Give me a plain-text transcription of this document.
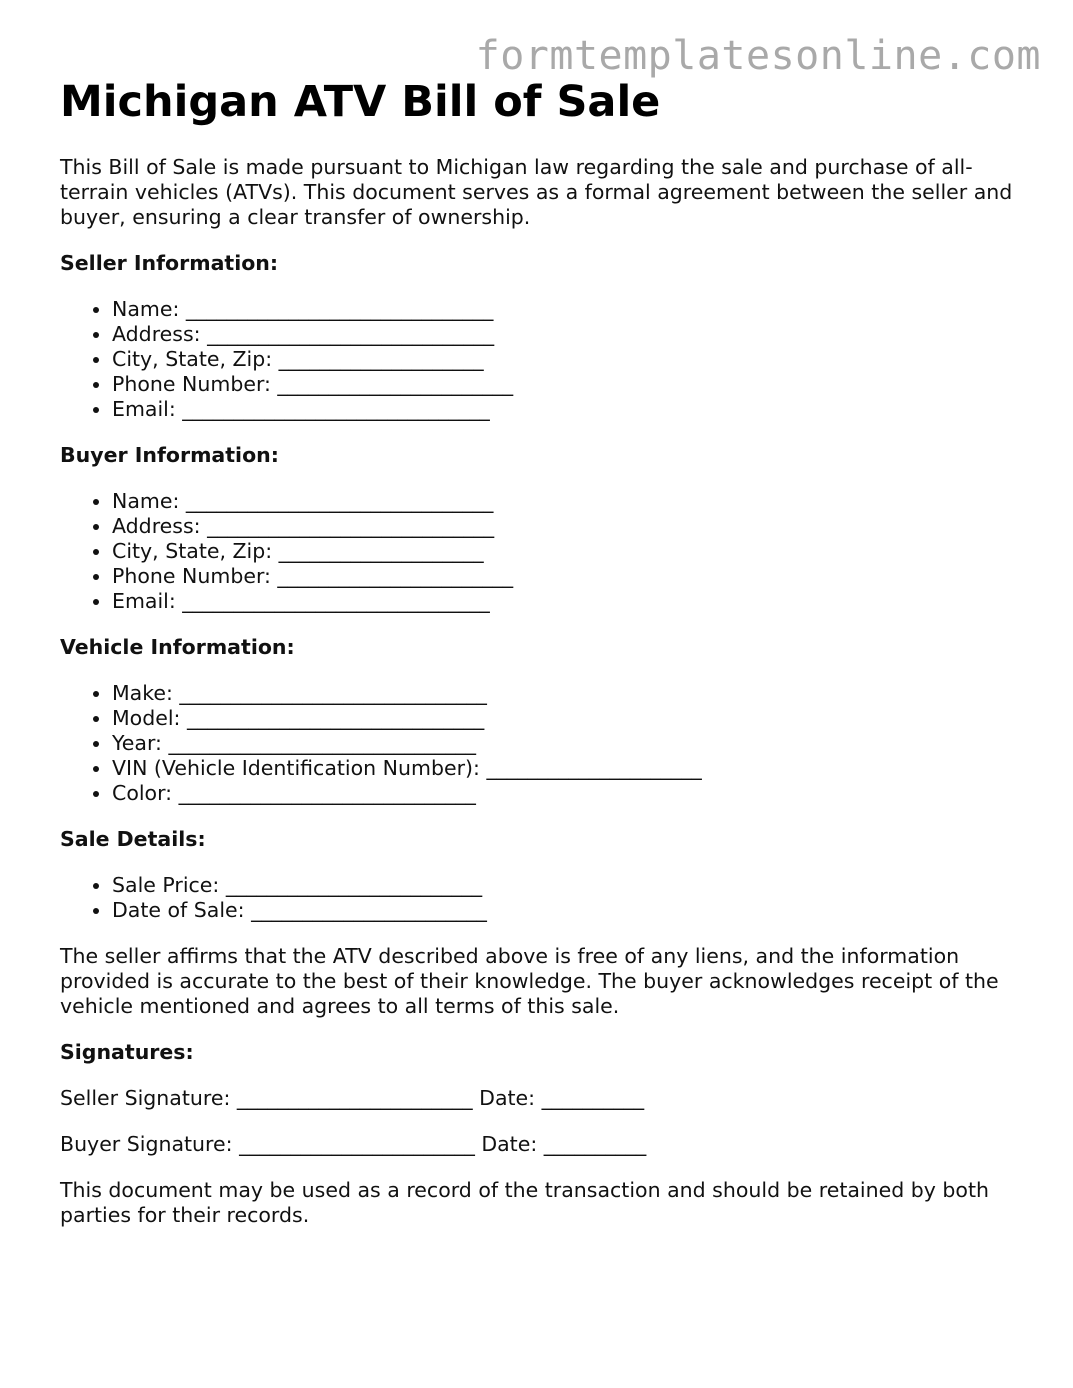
formtemplatesonline.com
Michigan ATV Bill of Sale

This Bill of Sale is made pursuant to Michigan law regarding the sale and purchase of all-terrain vehicles (ATVs). This document serves as a formal agreement between the seller and buyer, ensuring a clear transfer of ownership.

Seller Information:
• Name: ______________________________
• Address: ____________________________
• City, State, Zip: ____________________
• Phone Number: _______________________
• Email: ______________________________
Buyer Information:
• Name: ______________________________
• Address: ____________________________
• City, State, Zip: ____________________
• Phone Number: _______________________
• Email: ______________________________
Vehicle Information:
• Make: ______________________________
• Model: _____________________________
• Year: ______________________________
• VIN (Vehicle Identification Number): _____________________
• Color: _____________________________
Sale Details:
• Sale Price: _________________________
• Date of Sale: _______________________

The seller affirms that the ATV described above is free of any liens, and the information provided is accurate to the best of their knowledge. The buyer acknowledges receipt of the vehicle mentioned and agrees to all terms of this sale.

Signatures:

Seller Signature: _______________________ Date: __________

Buyer Signature: _______________________ Date: __________

This document may be used as a record of the transaction and should be retained by both parties for their records.
